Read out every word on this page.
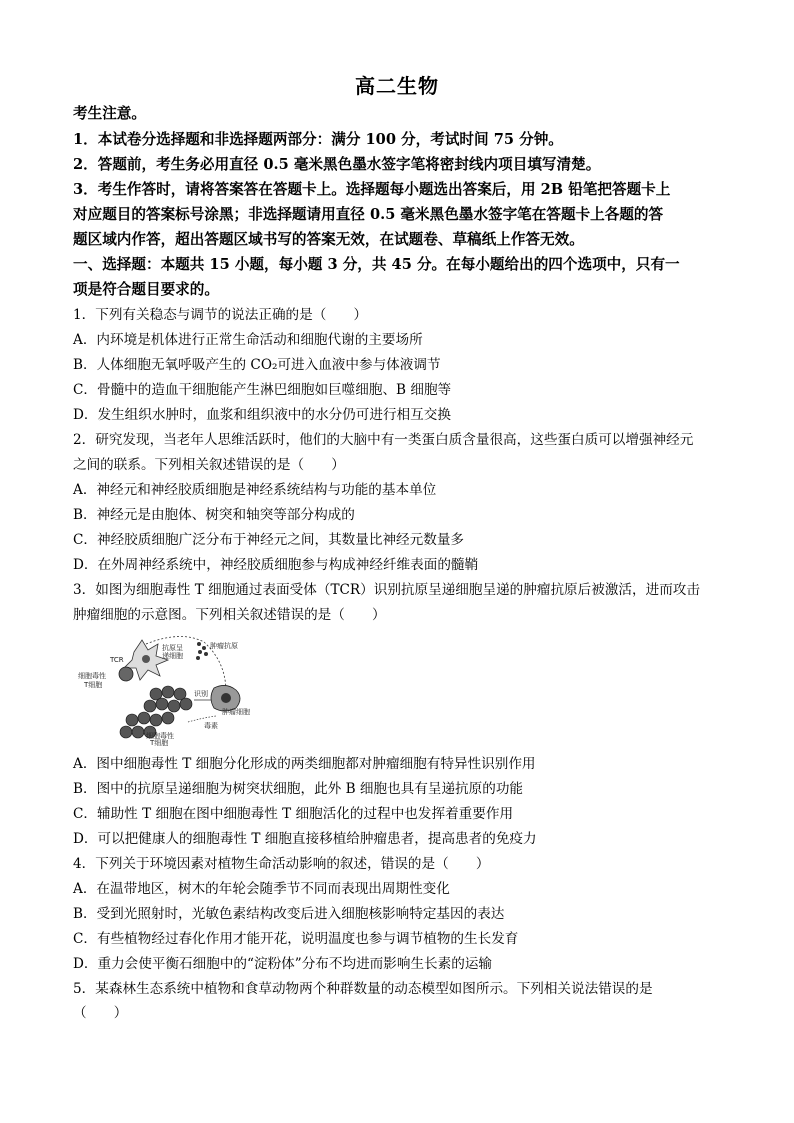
高二生物
考生注意。
1．本试卷分选择题和非选择题两部分：满分 100 分，考试时间 75 分钟。
2．答题前，考生务必用直径 0.5 毫米黑色墨水签字笔将密封线内项目填写清楚。
3．考生作答时，请将答案答在答题卡上。选择题每小题选出答案后，用 2B 铅笔把答题卡上
对应题目的答案标号涂黑；非选择题请用直径 0.5 毫米黑色墨水签字笔在答题卡上各题的答
题区域内作答，超出答题区域书写的答案无效，在试题卷、草稿纸上作答无效。
一、选择题：本题共 15 小题，每小题 3 分，共 45 分。在每小题给出的四个选项中，只有一
项是符合题目要求的。
1．下列有关稳态与调节的说法正确的是（　　）
A．内环境是机体进行正常生命活动和细胞代谢的主要场所
B．人体细胞无氧呼吸产生的 CO₂可进入血液中参与体液调节
C．骨髓中的造血干细胞能产生淋巴细胞如巨噬细胞、B 细胞等
D．发生组织水肿时，血浆和组织液中的水分仍可进行相互交换
2．研究发现，当老年人思维活跃时，他们的大脑中有一类蛋白质含量很高，这些蛋白质可以增强神经元
之间的联系。下列相关叙述错误的是（　　）
A．神经元和神经胶质细胞是神经系统结构与功能的基本单位
B．神经元是由胞体、树突和轴突等部分构成的
C．神经胶质细胞广泛分布于神经元之间，其数量比神经元数量多
D．在外周神经系统中，神经胶质细胞参与构成神经纤维表面的髓鞘
3．如图为细胞毒性 T 细胞通过表面受体（TCR）识别抗原呈递细胞呈递的肿瘤抗原后被激活，进而攻击
肿瘤细胞的示意图。下列相关叙述错误的是（　　）
TCR
抗原呈
递细胞
肿瘤抗原
细胞毒性
T细胞
识别
肿瘤细胞
毒素
细胞毒性
T细胞
A．图中细胞毒性 T 细胞分化形成的两类细胞都对肿瘤细胞有特异性识别作用
B．图中的抗原呈递细胞为树突状细胞，此外 B 细胞也具有呈递抗原的功能
C．辅助性 T 细胞在图中细胞毒性 T 细胞活化的过程中也发挥着重要作用
D．可以把健康人的细胞毒性 T 细胞直接移植给肿瘤患者，提高患者的免疫力
4．下列关于环境因素对植物生命活动影响的叙述，错误的是（　　）
A．在温带地区，树木的年轮会随季节不同而表现出周期性变化
B．受到光照射时，光敏色素结构改变后进入细胞核影响特定基因的表达
C．有些植物经过春化作用才能开花，说明温度也参与调节植物的生长发育
D．重力会使平衡石细胞中的“淀粉体”分布不均进而影响生长素的运输
5．某森林生态系统中植物和食草动物两个种群数量的动态模型如图所示。下列相关说法错误的是
（　　）
